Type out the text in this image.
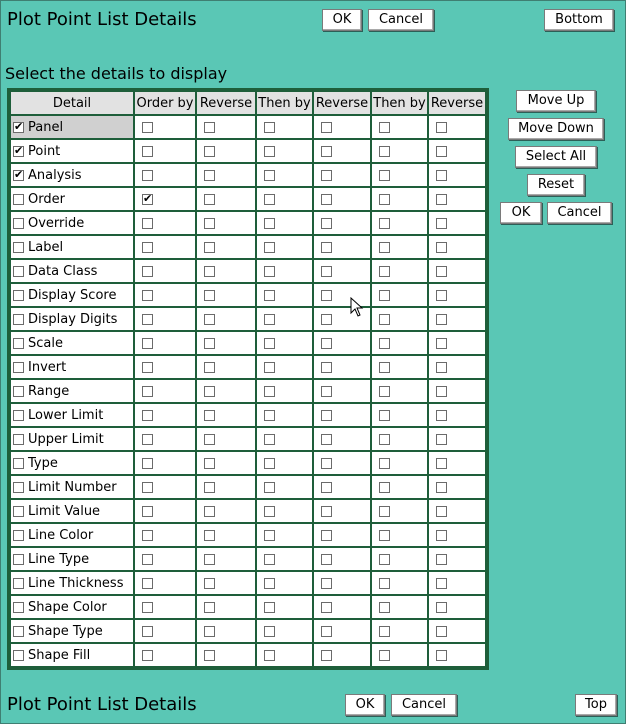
Plot Point List Details	OK	Cancel	Bottom
Select the details to display
Detail	Order by	Reverse	Then by	Reverse	Then by	Reverse
✔Panel						
✔Point						
✔Analysis						
Order	✔					
Override						
Label						
Data Class						
Display Score						
Display Digits						
Scale						
Invert						
Range						
Lower Limit						
Upper Limit						
Type						
Limit Number						
Limit Value						
Line Color						
Line Type						
Line Thickness						
Shape Color						
Shape Type						
Shape Fill						
Move Up
Move Down
Select All
Reset
OK	Cancel
Plot Point List Details	OK	Cancel	Top
